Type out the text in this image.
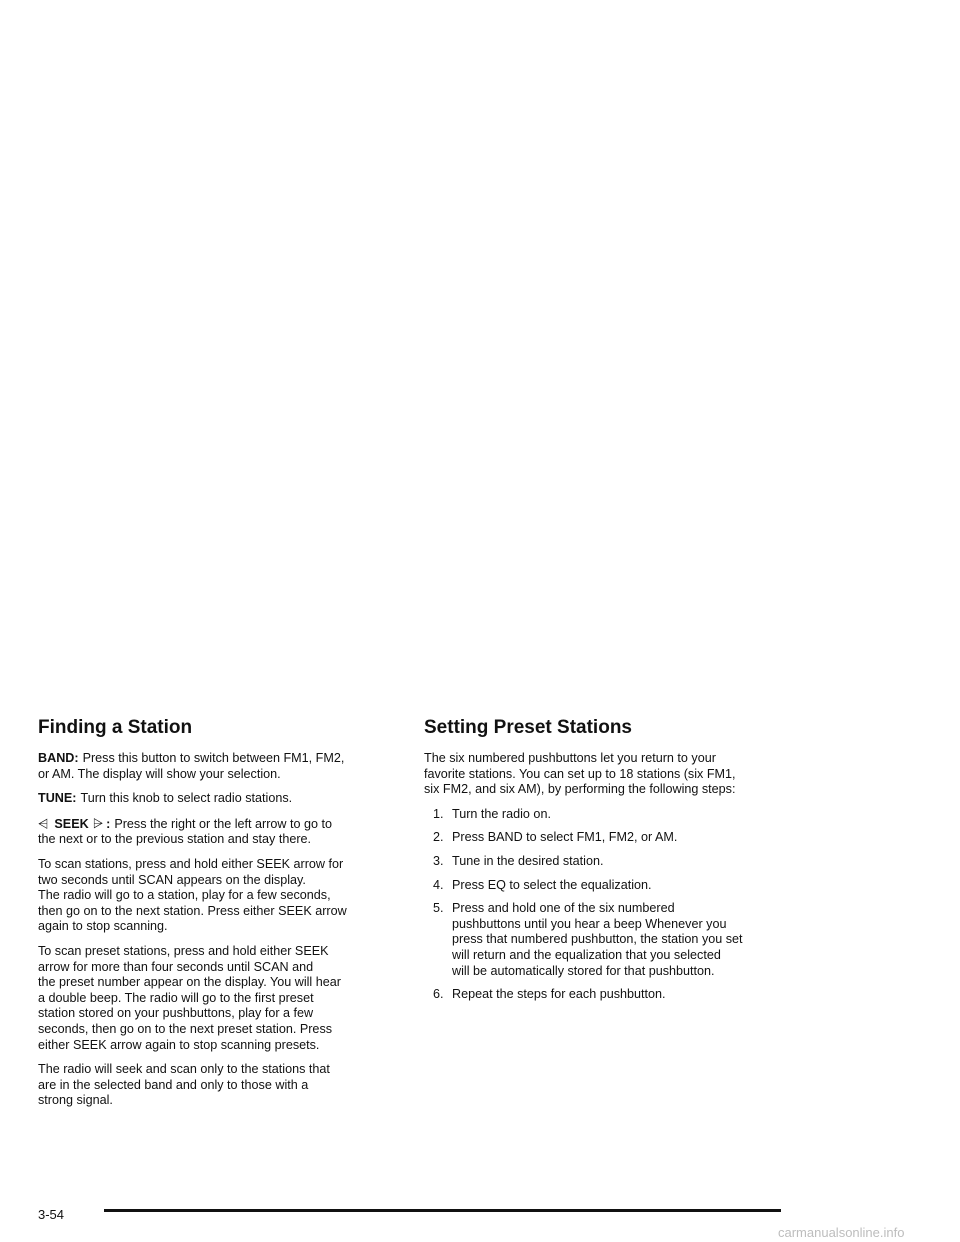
Finding a Station

BAND: Press this button to switch between FM1, FM2,
or AM. The display will show your selection.

TUNE: Turn this knob to select radio stations.

⩤ SEEK ⩥ : Press the right or the left arrow to go to
the next or to the previous station and stay there.

To scan stations, press and hold either SEEK arrow for
two seconds until SCAN appears on the display.
The radio will go to a station, play for a few seconds,
then go on to the next station. Press either SEEK arrow
again to stop scanning.

To scan preset stations, press and hold either SEEK
arrow for more than four seconds until SCAN and
the preset number appear on the display. You will hear
a double beep. The radio will go to the first preset
station stored on your pushbuttons, play for a few
seconds, then go on to the next preset station. Press
either SEEK arrow again to stop scanning presets.

The radio will seek and scan only to the stations that
are in the selected band and only to those with a
strong signal.

Setting Preset Stations

The six numbered pushbuttons let you return to your
favorite stations. You can set up to 18 stations (six FM1,
six FM2, and six AM), by performing the following steps:

1. Turn the radio on.
2. Press BAND to select FM1, FM2, or AM.
3. Tune in the desired station.
4. Press EQ to select the equalization.
5. Press and hold one of the six numbered
pushbuttons until you hear a beep Whenever you
press that numbered pushbutton, the station you set
will return and the equalization that you selected
will be automatically stored for that pushbutton.
6. Repeat the steps for each pushbutton.
3-54
carmanualsonline.info
